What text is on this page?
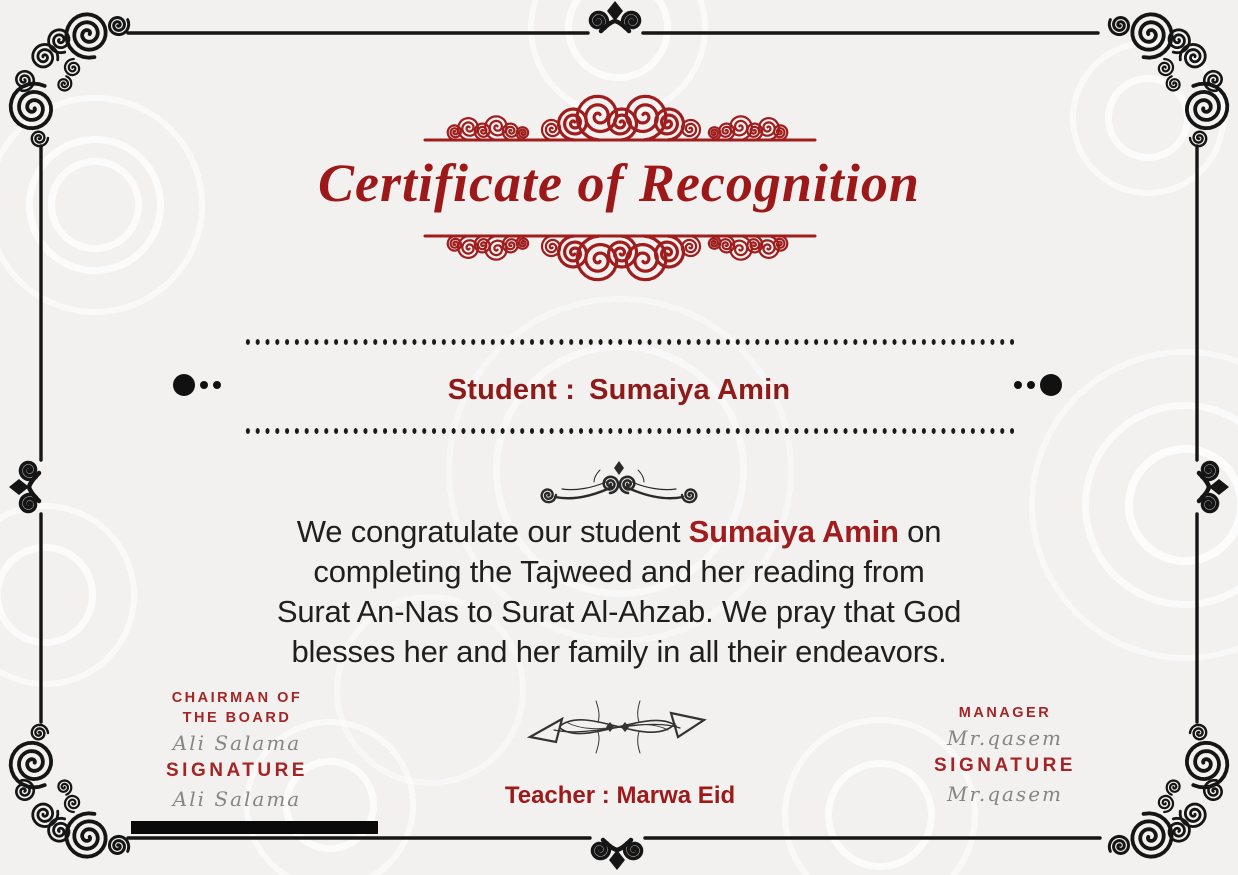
Certificate of Recognition
Student : Sumaiya Amin
We congratulate our student Sumaiya Amin on
completing the Tajweed and her reading from
Surat An-Nas to Surat Al-Ahzab. We pray that God
blesses her and her family in all their endeavors.
CHAIRMAN OF
THE BOARD
Ali Salama
SIGNATURE
Ali Salama
MANAGER
Mr.qasem
SIGNATURE
Mr.qasem
Teacher : Marwa Eid
